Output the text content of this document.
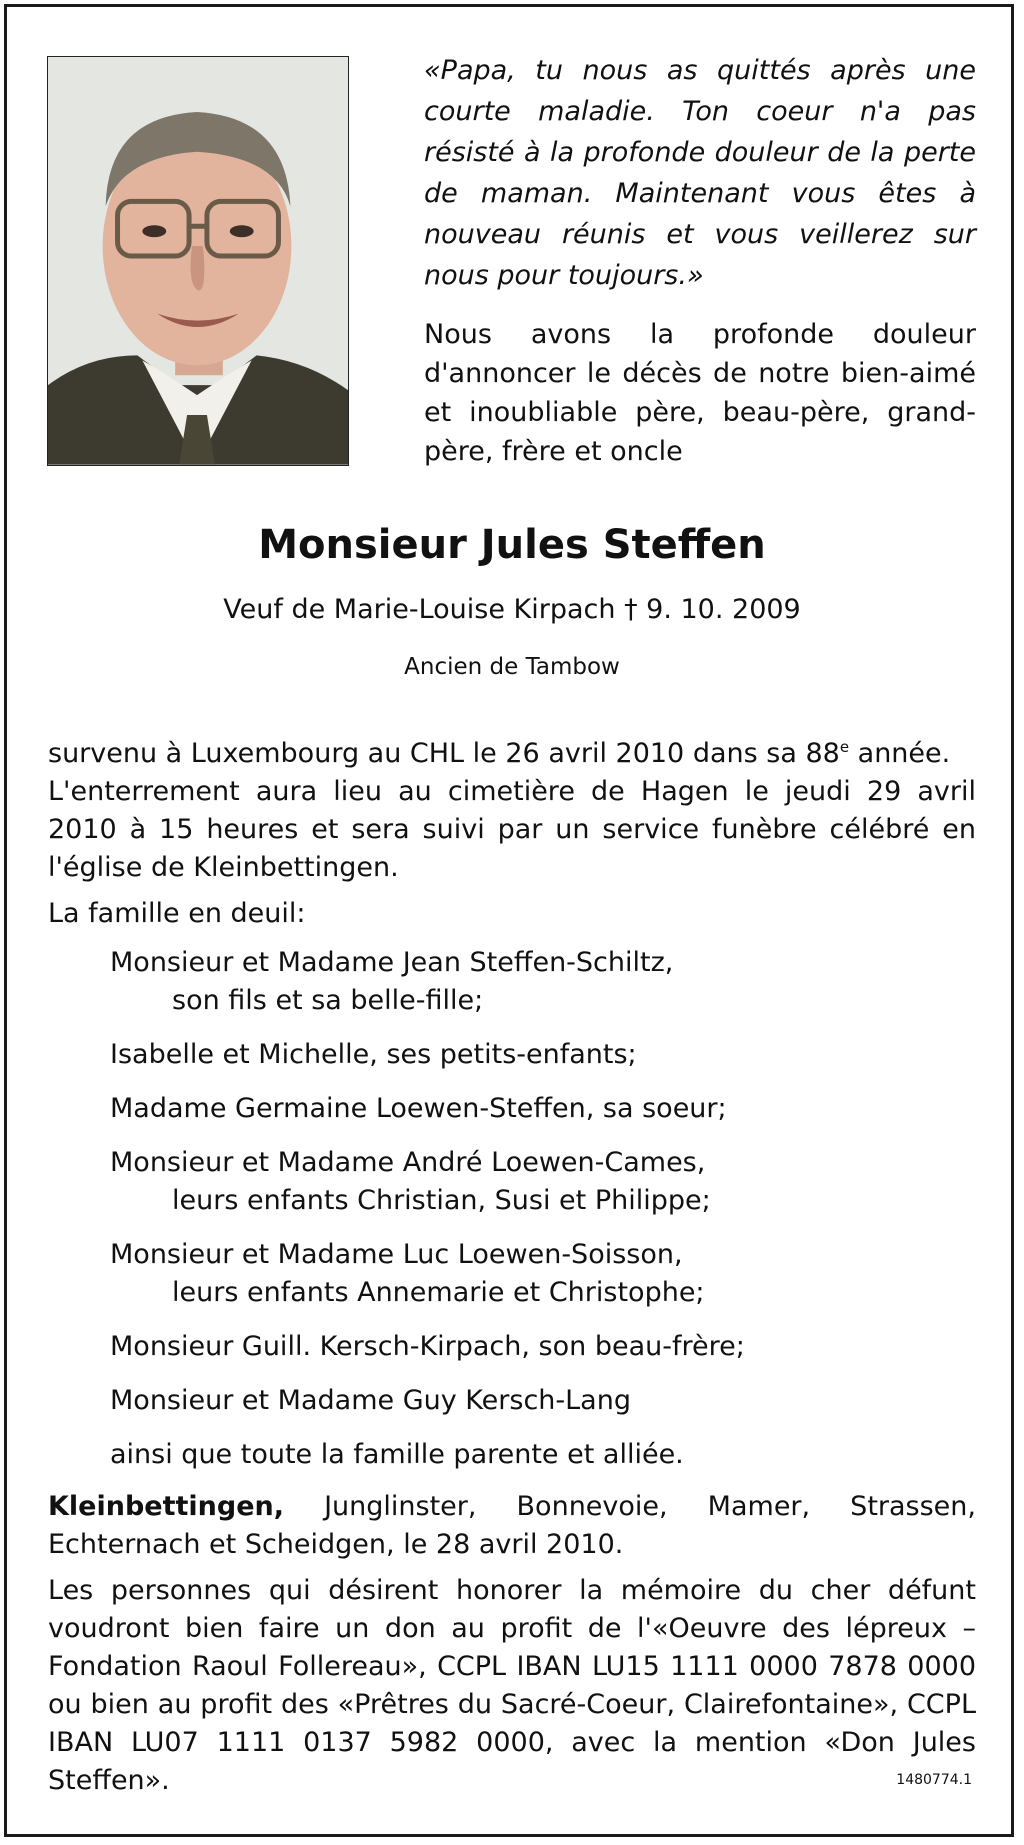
«Papa, tu nous as quittés après une courte maladie. Ton coeur n'a pas résisté à la profonde douleur de la perte de maman. Maintenant vous êtes à nouveau réunis et vous veillerez sur nous pour toujours.»
Nous avons la profonde douleur d'annoncer le décès de notre bien-aimé et inoubliable père, beau-père, grand-père, frère et oncle
Monsieur Jules Steffen
Veuf de Marie-Louise Kirpach † 9. 10. 2009
Ancien de Tambow
survenu à Luxembourg au CHL le 26 avril 2010 dans sa 88e année.
L'enterrement aura lieu au cimetière de Hagen le jeudi 29 avril 2010 à 15 heures et sera suivi par un service funèbre célébré en l'église de Kleinbettingen.
La famille en deuil:
Monsieur et Madame Jean Steffen-Schiltz,
son fils et sa belle-fille;
Isabelle et Michelle, ses petits-enfants;
Madame Germaine Loewen-Steffen, sa soeur;
Monsieur et Madame André Loewen-Cames,
leurs enfants Christian, Susi et Philippe;
Monsieur et Madame Luc Loewen-Soisson,
leurs enfants Annemarie et Christophe;
Monsieur Guill. Kersch-Kirpach, son beau-frère;
Monsieur et Madame Guy Kersch-Lang
ainsi que toute la famille parente et alliée.
Kleinbettingen, Junglinster, Bonnevoie, Mamer, Strassen, Echternach et Scheidgen, le 28 avril 2010.
Les personnes qui désirent honorer la mémoire du cher défunt voudront bien faire un don au profit de l'«Oeuvre des lépreux – Fondation Raoul Follereau», CCPL IBAN LU15 1111 0000 7878 0000 ou bien au profit des «Prêtres du Sacré-Coeur, Clairefontaine», CCPL IBAN LU07 1111 0137 5982 0000, avec la mention «Don Jules Steffen».	1480774.1
